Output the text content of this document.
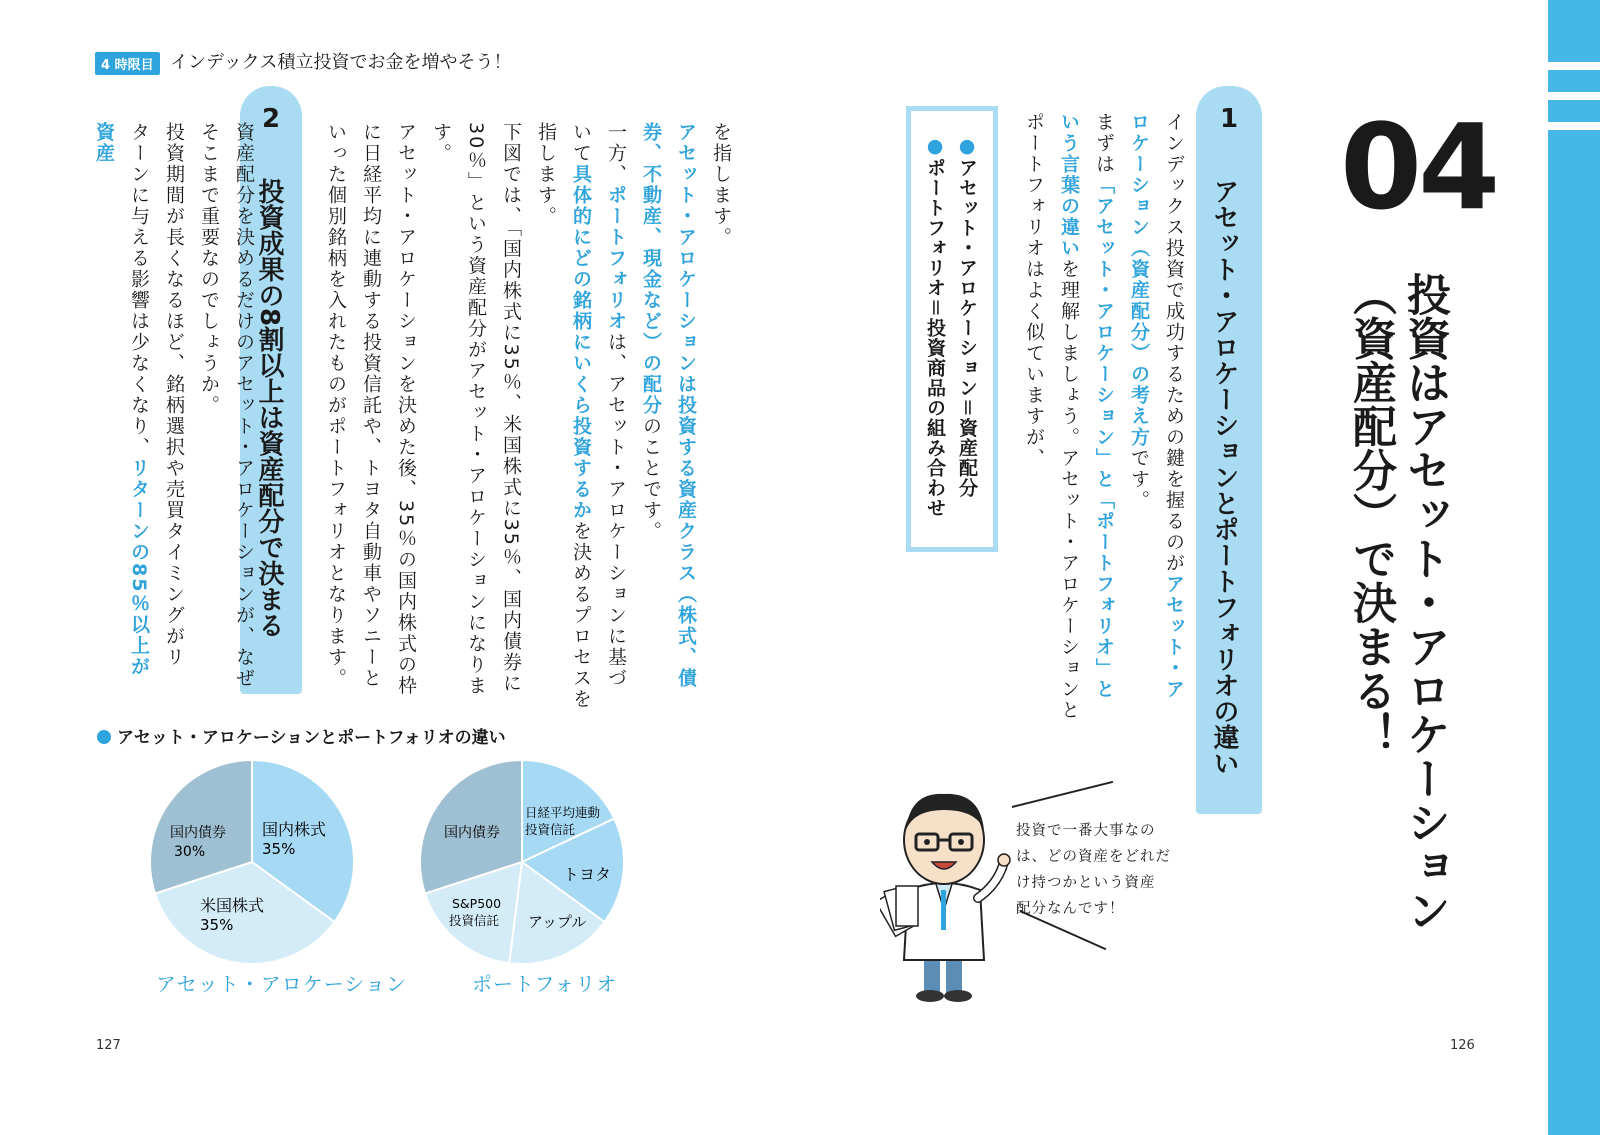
4 時限目 インデックス積立投資でお金を増やそう！
04
投資はアセット・アロケーション
（資産配分）で決まる！
1
アセット・アロケーションとポートフォリオの違い
インデックス投資で成功するための鍵を握るのがアセット・ア
ロケーション（資産配分）の考え方です。
まずは「アセット・アロケーション」と「ポートフォリオ」と
いう言葉の違いを理解しましょう。アセット・アロケーションと
ポートフォリオはよく似ていますが、
●アセット・アロケーション＝資産配分
●ポートフォリオ＝投資商品の組み合わせ
投資で一番大事なの
は、どの資産をどれだ
け持つかという資産
配分なんです！
を指します。
アセット・アロケーションは投資する資産クラス（株式、債
券、不動産、現金など）の配分のことです。
一方、ポートフォリオは、アセット・アロケーションに基づ
いて具体的にどの銘柄にいくら投資するかを決めるプロセスを
指します。
下図では、「国内株式に35％、米国株式に35％、国内債券に
30％」という資産配分がアセット・アロケーションになります。
アセット・アロケーションを決めた後、35％の国内株式の枠
に日経平均に連動する投資信託や、トヨタ自動車やソニーと
いった個別銘柄を入れたものがポートフォリオとなります。
2
投資成果の8割以上は資産配分で決まる
資産配分を決めるだけのアセット・アロケーションが、なぜ
そこまで重要なのでしょうか。
投資期間が長くなるほど、銘柄選択や売買タイミングがリ
ターンに与える影響は少なくなり、リターンの85％以上が資産
アセット・アロケーションとポートフォリオの違い
国内株式
35%
米国株式
35%
国内債券
30%
日経平均連動
投資信託
トヨタ
アップル
S&P500
投資信託
国内債券
アセット・アロケーション	ポートフォリオ
127	126
